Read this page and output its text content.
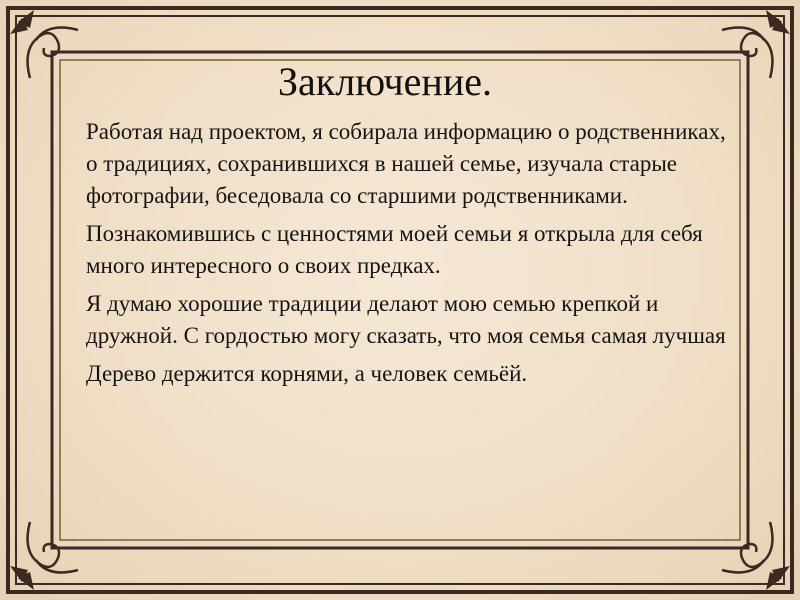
Заключение.

Работая над проектом, я собирала информацию о родственниках, о традициях, сохранившихся в нашей семье, изучала старые фотографии, беседовала со старшими родственниками.

Познакомившись с ценностями моей семьи я открыла для себя много интересного о своих предках.

Я думаю хорошие традиции делают мою семью крепкой и дружной. С гордостью могу сказать, что моя семья самая лучшая

Дерево держится корнями, а человек семьёй.
